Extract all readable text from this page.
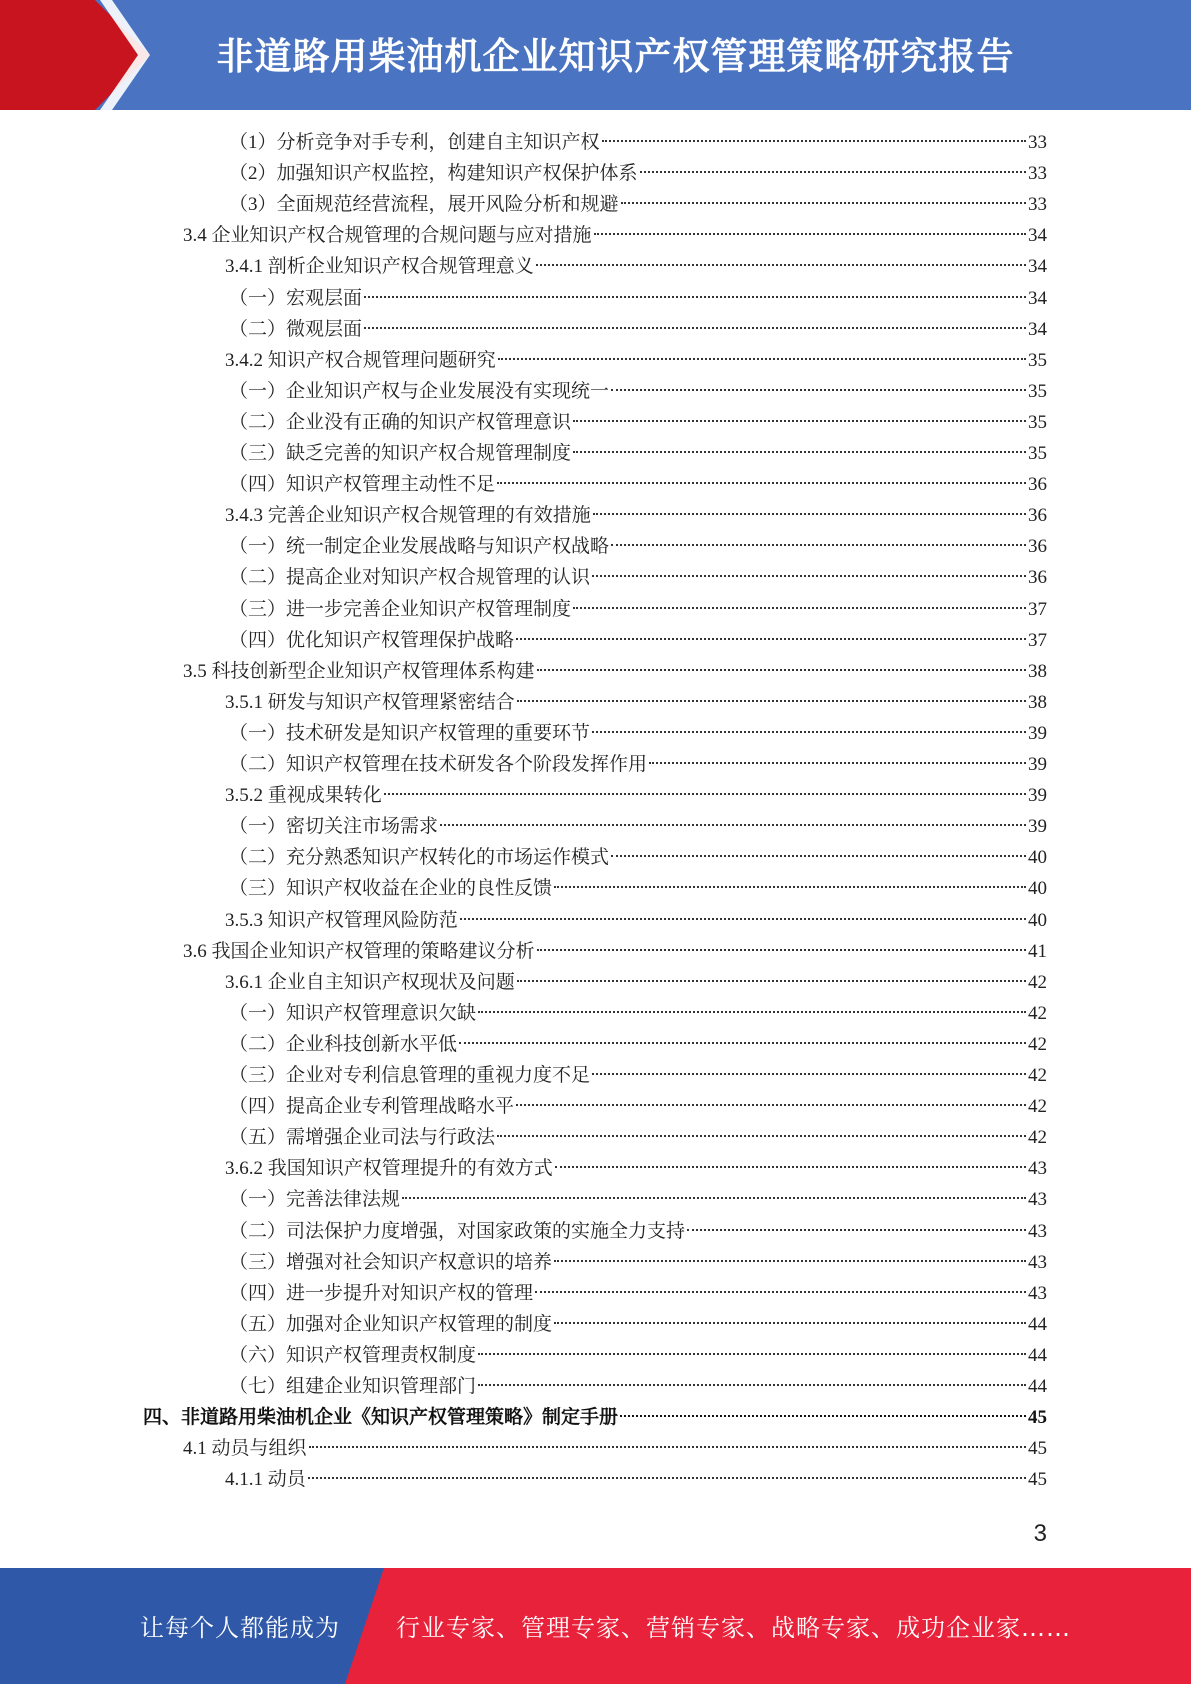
非道路用柴油机企业知识产权管理策略研究报告
（1）分析竞争对手专利，创建自主知识产权	33
（2）加强知识产权监控，构建知识产权保护体系	33
（3）全面规范经营流程，展开风险分析和规避	33
3.4 企业知识产权合规管理的合规问题与应对措施	34
3.4.1 剖析企业知识产权合规管理意义	34
（一）宏观层面	34
（二）微观层面	34
3.4.2 知识产权合规管理问题研究	35
（一）企业知识产权与企业发展没有实现统一	35
（二）企业没有正确的知识产权管理意识	35
（三）缺乏完善的知识产权合规管理制度	35
（四）知识产权管理主动性不足	36
3.4.3 完善企业知识产权合规管理的有效措施	36
（一）统一制定企业发展战略与知识产权战略	36
（二）提高企业对知识产权合规管理的认识	36
（三）进一步完善企业知识产权管理制度	37
（四）优化知识产权管理保护战略	37
3.5 科技创新型企业知识产权管理体系构建	38
3.5.1 研发与知识产权管理紧密结合	38
（一）技术研发是知识产权管理的重要环节	39
（二）知识产权管理在技术研发各个阶段发挥作用	39
3.5.2 重视成果转化	39
（一）密切关注市场需求	39
（二）充分熟悉知识产权转化的市场运作模式	40
（三）知识产权收益在企业的良性反馈	40
3.5.3 知识产权管理风险防范	40
3.6 我国企业知识产权管理的策略建议分析	41
3.6.1 企业自主知识产权现状及问题	42
（一）知识产权管理意识欠缺	42
（二）企业科技创新水平低	42
（三）企业对专利信息管理的重视力度不足	42
（四）提高企业专利管理战略水平	42
（五）需增强企业司法与行政法	42
3.6.2 我国知识产权管理提升的有效方式	43
（一）完善法律法规	43
（二）司法保护力度增强，对国家政策的实施全力支持	43
（三）增强对社会知识产权意识的培养	43
（四）进一步提升对知识产权的管理	43
（五）加强对企业知识产权管理的制度	44
（六）知识产权管理责权制度	44
（七）组建企业知识管理部门	44
四、非道路用柴油机企业《知识产权管理策略》制定手册	45
4.1 动员与组织	45
4.1.1 动员	45
3
让每个人都能成为 行业专家、管理专家、营销专家、战略专家、成功企业家……
